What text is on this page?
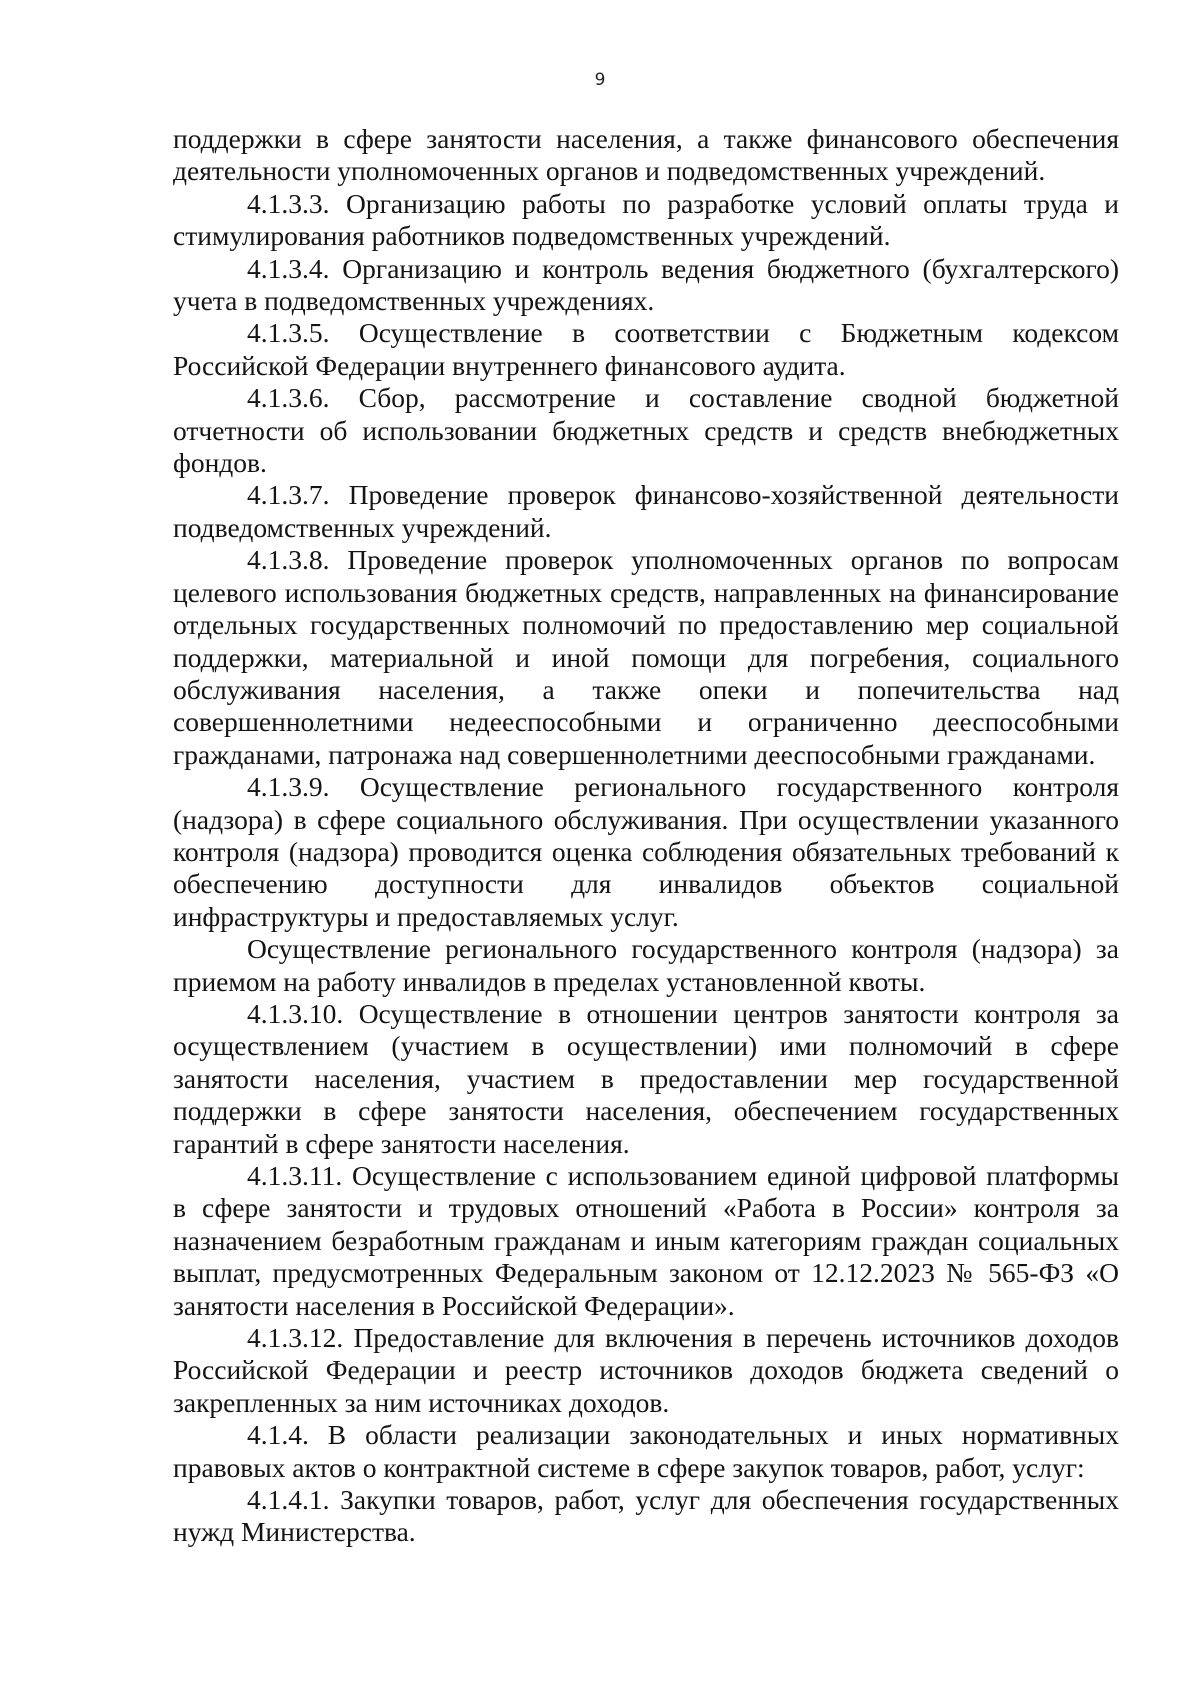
9

поддержки в сфере занятости населения, а также финансового обеспечения деятельности уполномоченных органов и подведомственных учреждений.

4.1.3.3. Организацию работы по разработке условий оплаты труда и стимулирования работников подведомственных учреждений.

4.1.3.4. Организацию и контроль ведения бюджетного (бухгалтерского) учета в подведомственных учреждениях.

4.1.3.5. Осуществление в соответствии с Бюджетным кодексом Российской Федерации внутреннего финансового аудита.

4.1.3.6. Сбор, рассмотрение и составление сводной бюджетной отчетности об использовании бюджетных средств и средств внебюджетных фондов.

4.1.3.7. Проведение проверок финансово-хозяйственной деятельности подведомственных учреждений.

4.1.3.8. Проведение проверок уполномоченных органов по вопросам целевого использования бюджетных средств, направленных на финансирование отдельных государственных полномочий по предоставлению мер социальной поддержки, материальной и иной помощи для погребения, социального обслуживания населения, а также опеки и попечительства над совершеннолетними недееспособными и ограниченно дееспособными гражданами, патронажа над совершеннолетними дееспособными гражданами.

4.1.3.9. Осуществление регионального государственного контроля (надзора) в сфере социального обслуживания. При осуществлении указанного контроля (надзора) проводится оценка соблюдения обязательных требований к обеспечению доступности для инвалидов объектов социальной инфраструктуры и предоставляемых услуг.

Осуществление регионального государственного контроля (надзора) за приемом на работу инвалидов в пределах установленной квоты.

4.1.3.10. Осуществление в отношении центров занятости контроля за осуществлением (участием в осуществлении) ими полномочий в сфере занятости населения, участием в предоставлении мер государственной поддержки в сфере занятости населения, обеспечением государственных гарантий в сфере занятости населения.

4.1.3.11. Осуществление с использованием единой цифровой платформы в сфере занятости и трудовых отношений «Работа в России» контроля за назначением безработным гражданам и иным категориям граждан социальных выплат, предусмотренных Федеральным законом от 12.12.2023 № 565-ФЗ «О занятости населения в Российской Федерации».

4.1.3.12. Предоставление для включения в перечень источников доходов Российской Федерации и реестр источников доходов бюджета сведений о закрепленных за ним источниках доходов.

4.1.4. В области реализации законодательных и иных нормативных правовых актов о контрактной системе в сфере закупок товаров, работ, услуг:

4.1.4.1. Закупки товаров, работ, услуг для обеспечения государственных нужд Министерства.
